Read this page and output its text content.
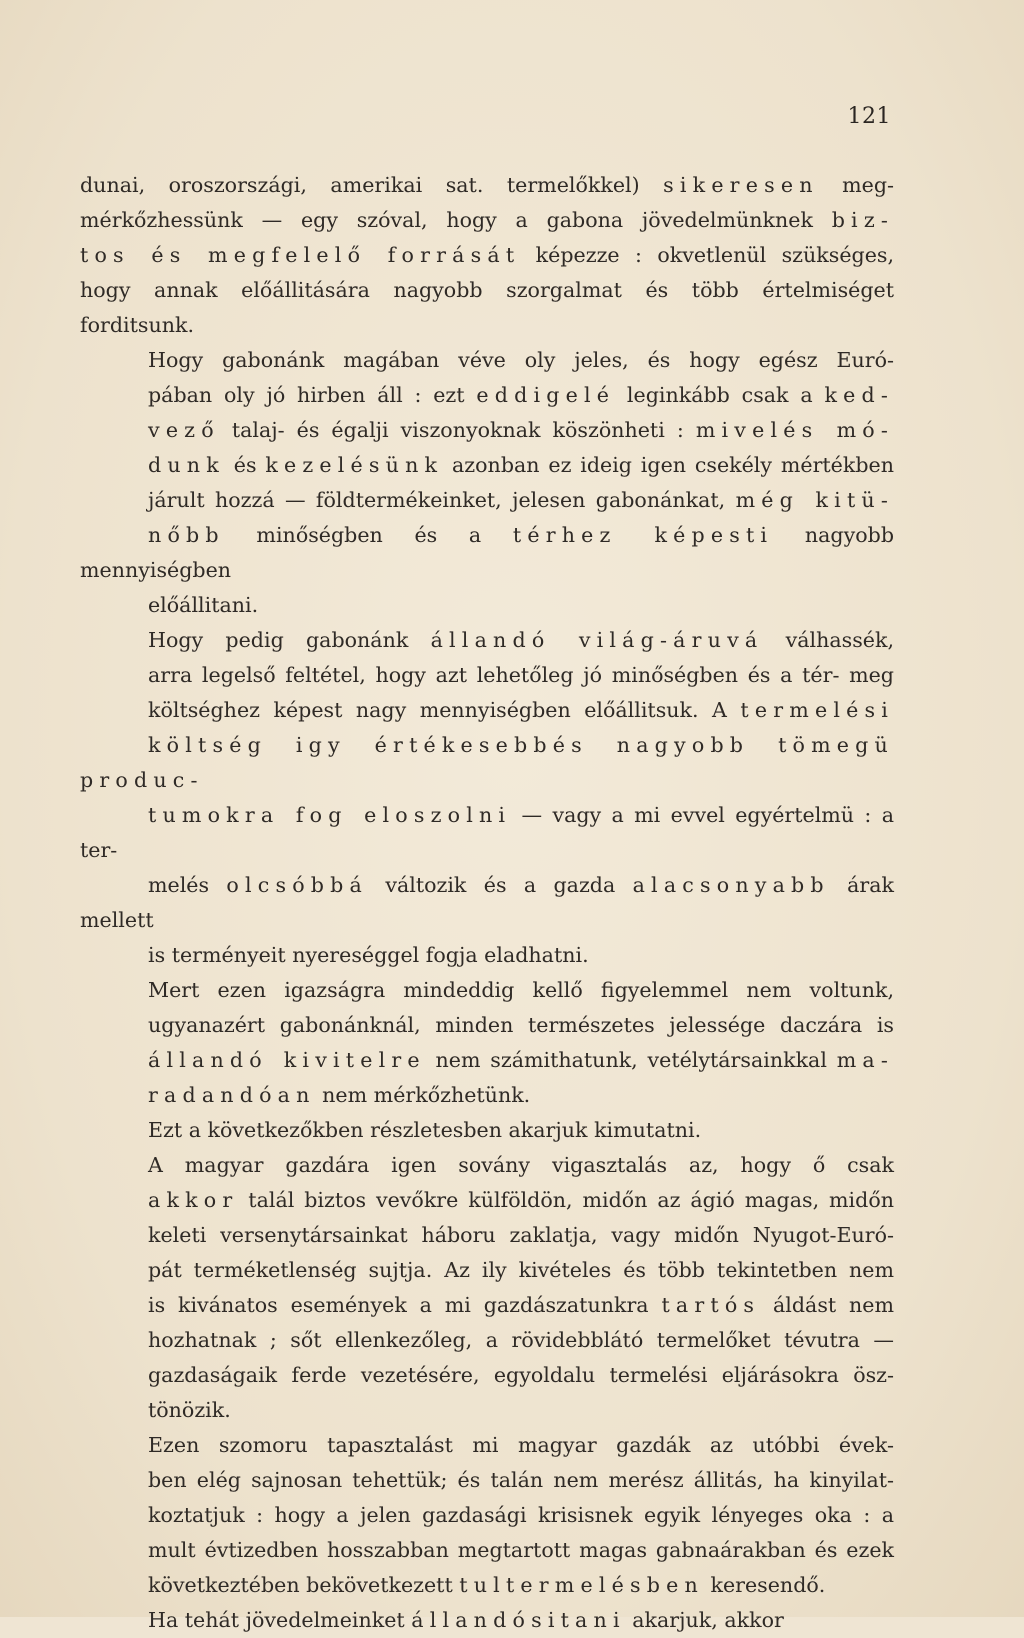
121
dunai, oroszországi, amerikai sat. termelőkkel) sikeresen meg-
mérkőzhessünk — egy szóval, hogy a gabona jövedelmünknek biz-
tos és megfelelő forrását képezze : okvetlenül szükséges,
hogy annak előállitására nagyobb szorgalmat és több értelmiséget
forditsunk.
Hogy gabonánk magában véve oly jeles, és hogy egész Euró-
pában oly jó hirben áll : ezt eddigelé leginkább csak a ked-
vező talaj- és égalji viszonyoknak köszönheti : mivelés mó-
dunk és kezelésünk azonban ez ideig igen csekély mértékben
járult hozzá — földtermékeinket, jelesen gabonánkat, még kitü-
nőbb minőségben és a térhez képesti nagyobb mennyiségben
előállitani.
Hogy pedig gabonánk állandó világ-áruvá válhassék,
arra legelső feltétel, hogy azt lehetőleg jó minőségben és a tér- meg
költséghez képest nagy mennyiségben előállitsuk. A termelési
költség igy értékesebbés nagyobb tömegü produc-
tumokra fog eloszolni — vagy a mi evvel egyértelmü : a ter-
melés olcsóbbá változik és a gazda alacsonyabb árak mellett
is terményeit nyereséggel fogja eladhatni.
Mert ezen igazságra mindeddig kellő figyelemmel nem voltunk,
ugyanazért gabonánknál, minden természetes jelessége daczára is
állandó kivitelre nem számithatunk, vetélytársainkkal ma-
radandóan nem mérkőzhetünk.
Ezt a következőkben részletesben akarjuk kimutatni.
A magyar gazdára igen sovány vigasztalás az, hogy ő csak
akkor talál biztos vevőkre külföldön, midőn az ágió magas, midőn
keleti versenytársainkat háboru zaklatja, vagy midőn Nyugot-Euró-
pát terméketlenség sujtja. Az ily kivételes és több tekintetben nem
is kivánatos események a mi gazdászatunkra tartós áldást nem
hozhatnak ; sőt ellenkezőleg, a rövidebblátó termelőket tévutra —
gazdaságaik ferde vezetésére, egyoldalu termelési eljárásokra ösz-
tönözik.
Ezen szomoru tapasztalást mi magyar gazdák az utóbbi évek-
ben elég sajnosan tehettük; és talán nem merész állitás, ha kinyilat-
koztatjuk : hogy a jelen gazdasági krisisnek egyik lényeges oka : a
mult évtizedben hosszabban megtartott magas gabnaárakban és ezek
következtében bekövetkezett tultermelésben keresendő.
Ha tehát jövedelmeinket állandósitani akarjuk, akkor
